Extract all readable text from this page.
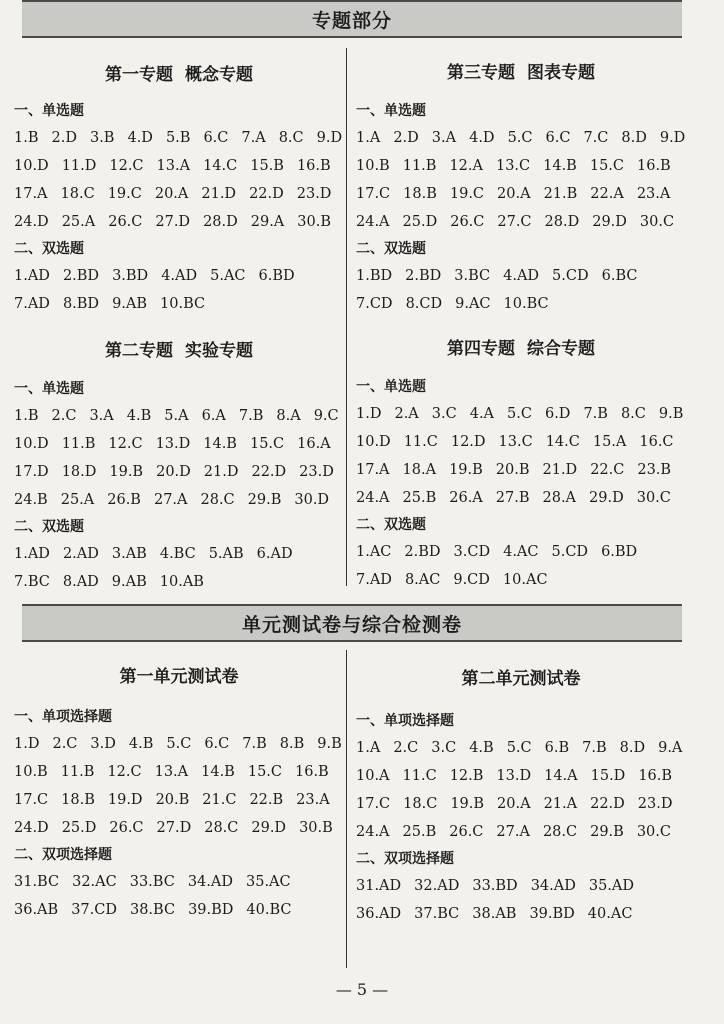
专题部分

第一专题 概念专题

一、单选题

1.B 2.D 3.B 4.D 5.B 6.C 7.A 8.C 9.D
10.D 11.D 12.C 13.A 14.C 15.B 16.B
17.A 18.C 19.C 20.A 21.D 22.D 23.D
24.D 25.A 26.C 27.D 28.D 29.A 30.B

二、双选题

1.AD 2.BD 3.BD 4.AD 5.AC 6.BD
7.AD 8.BD 9.AB 10.BC

第三专题 图表专题

一、单选题

1.A 2.D 3.A 4.D 5.C 6.C 7.C 8.D 9.D
10.B 11.B 12.A 13.C 14.B 15.C 16.B
17.C 18.B 19.C 20.A 21.B 22.A 23.A
24.A 25.D 26.C 27.C 28.D 29.D 30.C

二、双选题

1.BD 2.BD 3.BC 4.AD 5.CD 6.BC
7.CD 8.CD 9.AC 10.BC

第二专题 实验专题

一、单选题

1.B 2.C 3.A 4.B 5.A 6.A 7.B 8.A 9.C
10.D 11.B 12.C 13.D 14.B 15.C 16.A
17.D 18.D 19.B 20.D 21.D 22.D 23.D
24.B 25.A 26.B 27.A 28.C 29.B 30.D

二、双选题

1.AD 2.AD 3.AB 4.BC 5.AB 6.AD
7.BC 8.AD 9.AB 10.AB

第四专题 综合专题

一、单选题

1.D 2.A 3.C 4.A 5.C 6.D 7.B 8.C 9.B
10.D 11.C 12.D 13.C 14.C 15.A 16.C
17.A 18.A 19.B 20.B 21.D 22.C 23.B
24.A 25.B 26.A 27.B 28.A 29.D 30.C

二、双选题

1.AC 2.BD 3.CD 4.AC 5.CD 6.BD
7.AD 8.AC 9.CD 10.AC
单元测试卷与综合检测卷

第一单元测试卷

一、单项选择题

1.D 2.C 3.D 4.B 5.C 6.C 7.B 8.B 9.B
10.B 11.B 12.C 13.A 14.B 15.C 16.B
17.C 18.B 19.D 20.B 21.C 22.B 23.A
24.D 25.D 26.C 27.D 28.C 29.D 30.B

二、双项选择题

31.BC 32.AC 33.BC 34.AD 35.AC
36.AB 37.CD 38.BC 39.BD 40.BC

第二单元测试卷

一、单项选择题

1.A 2.C 3.C 4.B 5.C 6.B 7.B 8.D 9.A
10.A 11.C 12.B 13.D 14.A 15.D 16.B
17.C 18.C 19.B 20.A 21.A 22.D 23.D
24.A 25.B 26.C 27.A 28.C 29.B 30.C

二、双项选择题

31.AD 32.AD 33.BD 34.AD 35.AD
36.AD 37.BC 38.AB 39.BD 40.AC
— 5 —
